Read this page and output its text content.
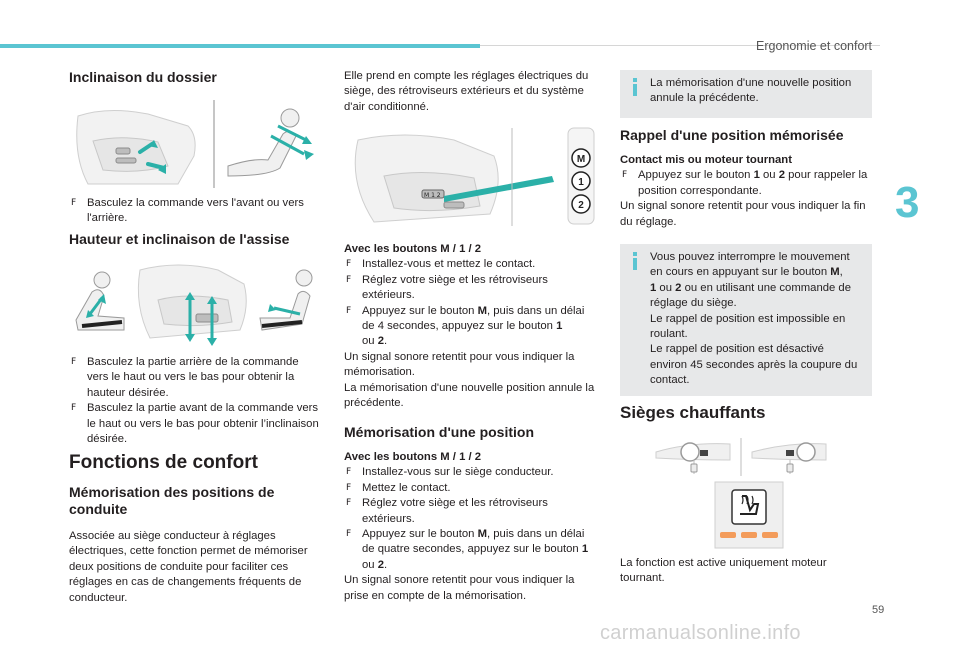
Ergonomie et confort
3
Inclinaison du dossier

F Basculez la commande vers l'avant ou vers l'arrière.

Hauteur et inclinaison de l'assise

F Basculez la partie arrière de la commande vers le haut ou vers le bas pour obtenir la hauteur désirée.

F Basculez la partie avant de la commande vers le haut ou vers le bas pour obtenir l’inclinaison désirée.

Fonctions de confort
Mémorisation des positions de conduite

Associée au siège conducteur à réglages électriques, cette fonction permet de mémoriser deux positions de conduite pour faciliter ces réglages en cas de changements fréquents de conducteur.

Elle prend en compte les réglages électriques du siège, des rétroviseurs extérieurs et du système d'air conditionné.

M 1 2
M
1
2

Avec les boutons M / 1 / 2

F Installez-vous et mettez le contact.

F Réglez votre siège et les rétroviseurs extérieurs.

F Appuyez sur le bouton M, puis dans un délai de 4 secondes, appuyez sur le bouton 1
ou 2.

Un signal sonore retentit pour vous indiquer la mémorisation.

La mémorisation d'une nouvelle position annule la précédente.

Mémorisation d'une position

Avec les boutons M / 1 / 2

F Installez-vous sur le siège conducteur.

F Mettez le contact.

F Réglez votre siège et les rétroviseurs extérieurs.

F Appuyez sur le bouton M, puis dans un délai de quatre secondes, appuyez sur le bouton 1 ou 2.

Un signal sonore retentit pour vous indiquer la prise en compte de la mémorisation.

La mémorisation d'une nouvelle position annule la précédente.

Rappel d'une position mémorisée

Contact mis ou moteur tournant

F Appuyez sur le bouton 1 ou 2 pour rappeler la position correspondante.

Un signal sonore retentit pour vous indiquer la fin du réglage.

Vous pouvez interrompre le mouvement en cours en appuyant sur le bouton M,
1 ou 2 ou en utilisant une commande de réglage du siège.

Le rappel de position est impossible en roulant.

Le rappel de position est désactivé environ 45 secondes après la coupure du contact.

Sièges chauffants

La fonction est active uniquement moteur tournant.

59
carmanualsonline.info
